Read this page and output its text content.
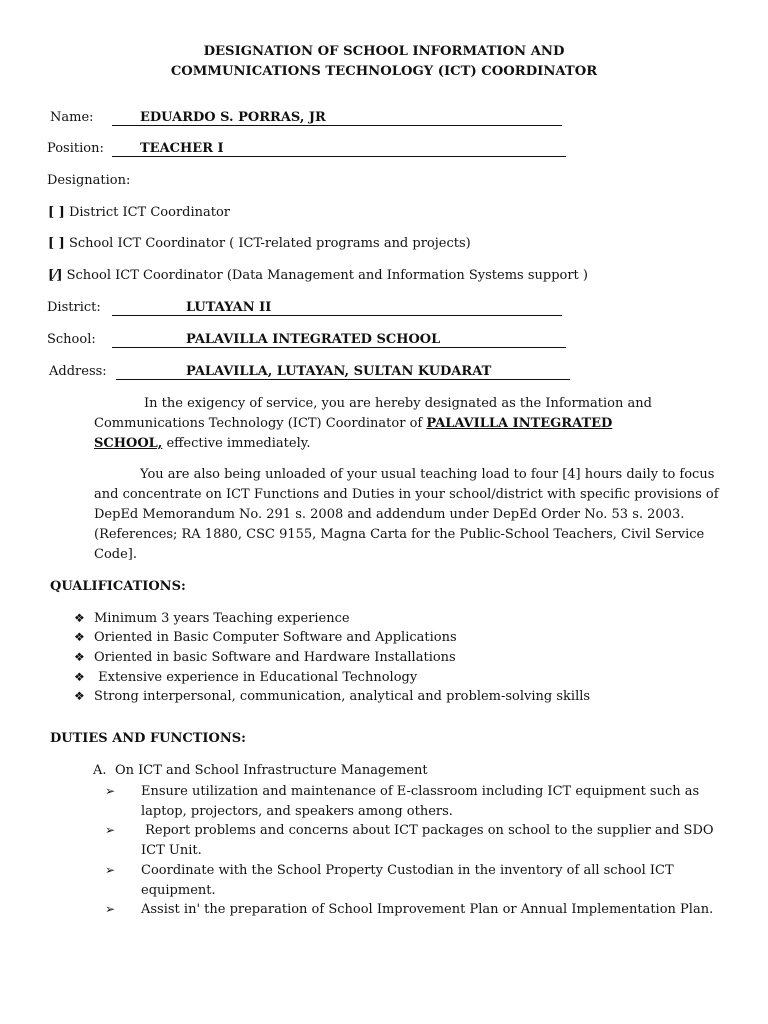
DESIGNATION OF SCHOOL INFORMATION AND
COMMUNICATIONS TECHNOLOGY (ICT) COORDINATOR
Name:	EDUARDO S. PORRAS, JR
Position:	TEACHER I
Designation:
[ ] District ICT Coordinator
[ ] School ICT Coordinator ( ICT-related programs and projects)
[⁄] School ICT Coordinator (Data Management and Information Systems support )
District:	LUTAYAN II
School:	PALAVILLA INTEGRATED SCHOOL
Address:	PALAVILLA, LUTAYAN, SULTAN KUDARAT
In the exigency of service, you are hereby designated as the Information and Communications Technology (ICT) Coordinator of PALAVILLA INTEGRATED SCHOOL, effective immediately.
You are also being unloaded of your usual teaching load to four [4] hours daily to focus and concentrate on ICT Functions and Duties in your school/district with specific provisions of DepEd Memorandum No. 291 s. 2008 and addendum under DepEd Order No. 53 s. 2003. (References; RA 1880, CSC 9155, Magna Carta for the Public-School Teachers, Civil Service Code].
QUALIFICATIONS:
❖ Minimum 3 years Teaching experience
❖ Oriented in Basic Computer Software and Applications
❖ Oriented in basic Software and Hardware Installations
❖ Extensive experience in Educational Technology
❖ Strong interpersonal, communication, analytical and problem-solving skills
DUTIES AND FUNCTIONS:
A. On ICT and School Infrastructure Management
➢ Ensure utilization and maintenance of E-classroom including ICT equipment such as laptop, projectors, and speakers among others.
➢ Report problems and concerns about ICT packages on school to the supplier and SDO ICT Unit.
➢ Coordinate with the School Property Custodian in the inventory of all school ICT equipment.
➢ Assist in' the preparation of School Improvement Plan or Annual Implementation Plan.
